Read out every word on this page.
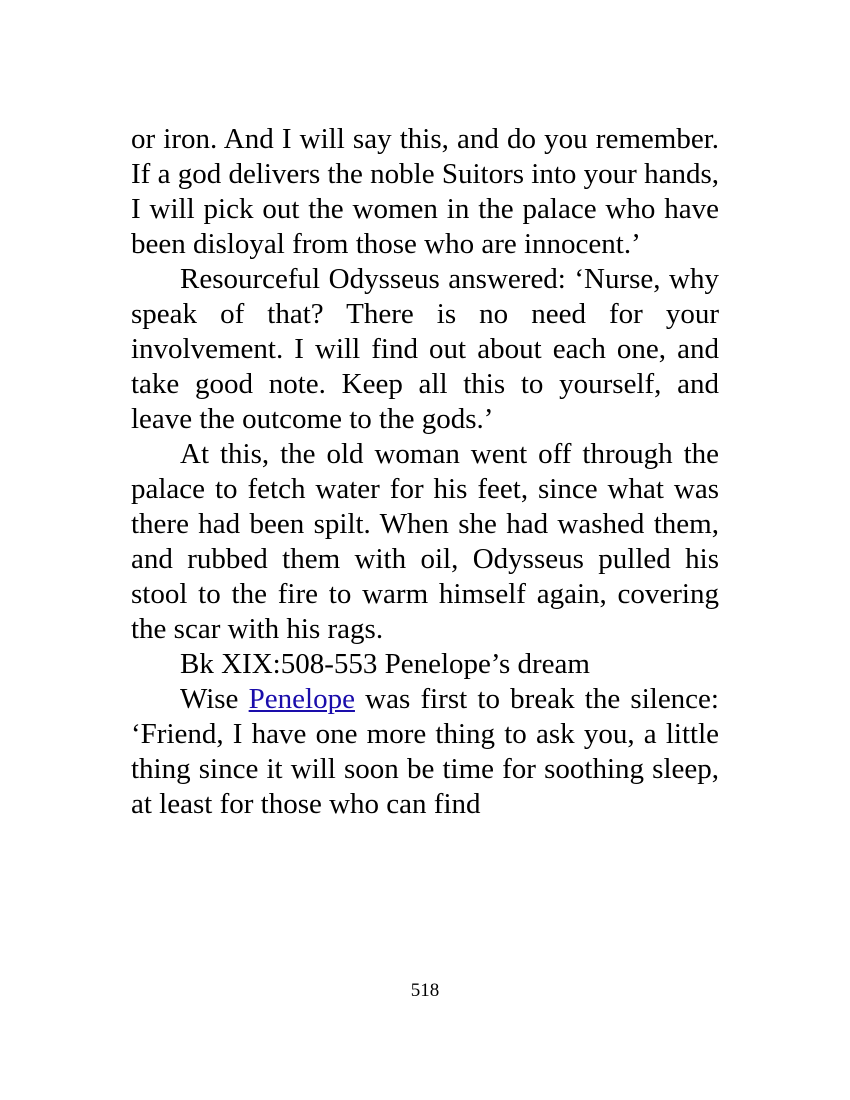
or iron. And I will say this, and do you remember. If a god delivers the noble Suitors into your hands, I will pick out the women in the palace who have been disloyal from those who are innocent.’

Resourceful Odysseus answered: ‘Nurse, why speak of that? There is no need for your involvement. I will find out about each one, and take good note. Keep all this to yourself, and leave the outcome to the gods.’

At this, the old woman went off through the palace to fetch water for his feet, since what was there had been spilt. When she had washed them, and rubbed them with oil, Odysseus pulled his stool to the fire to warm himself again, covering the scar with his rags.

Bk XIX:508-553 Penelope’s dream

Wise Penelope was first to break the silence: ‘Friend, I have one more thing to ask you, a little thing since it will soon be time for soothing sleep, at least for those who can find

518
